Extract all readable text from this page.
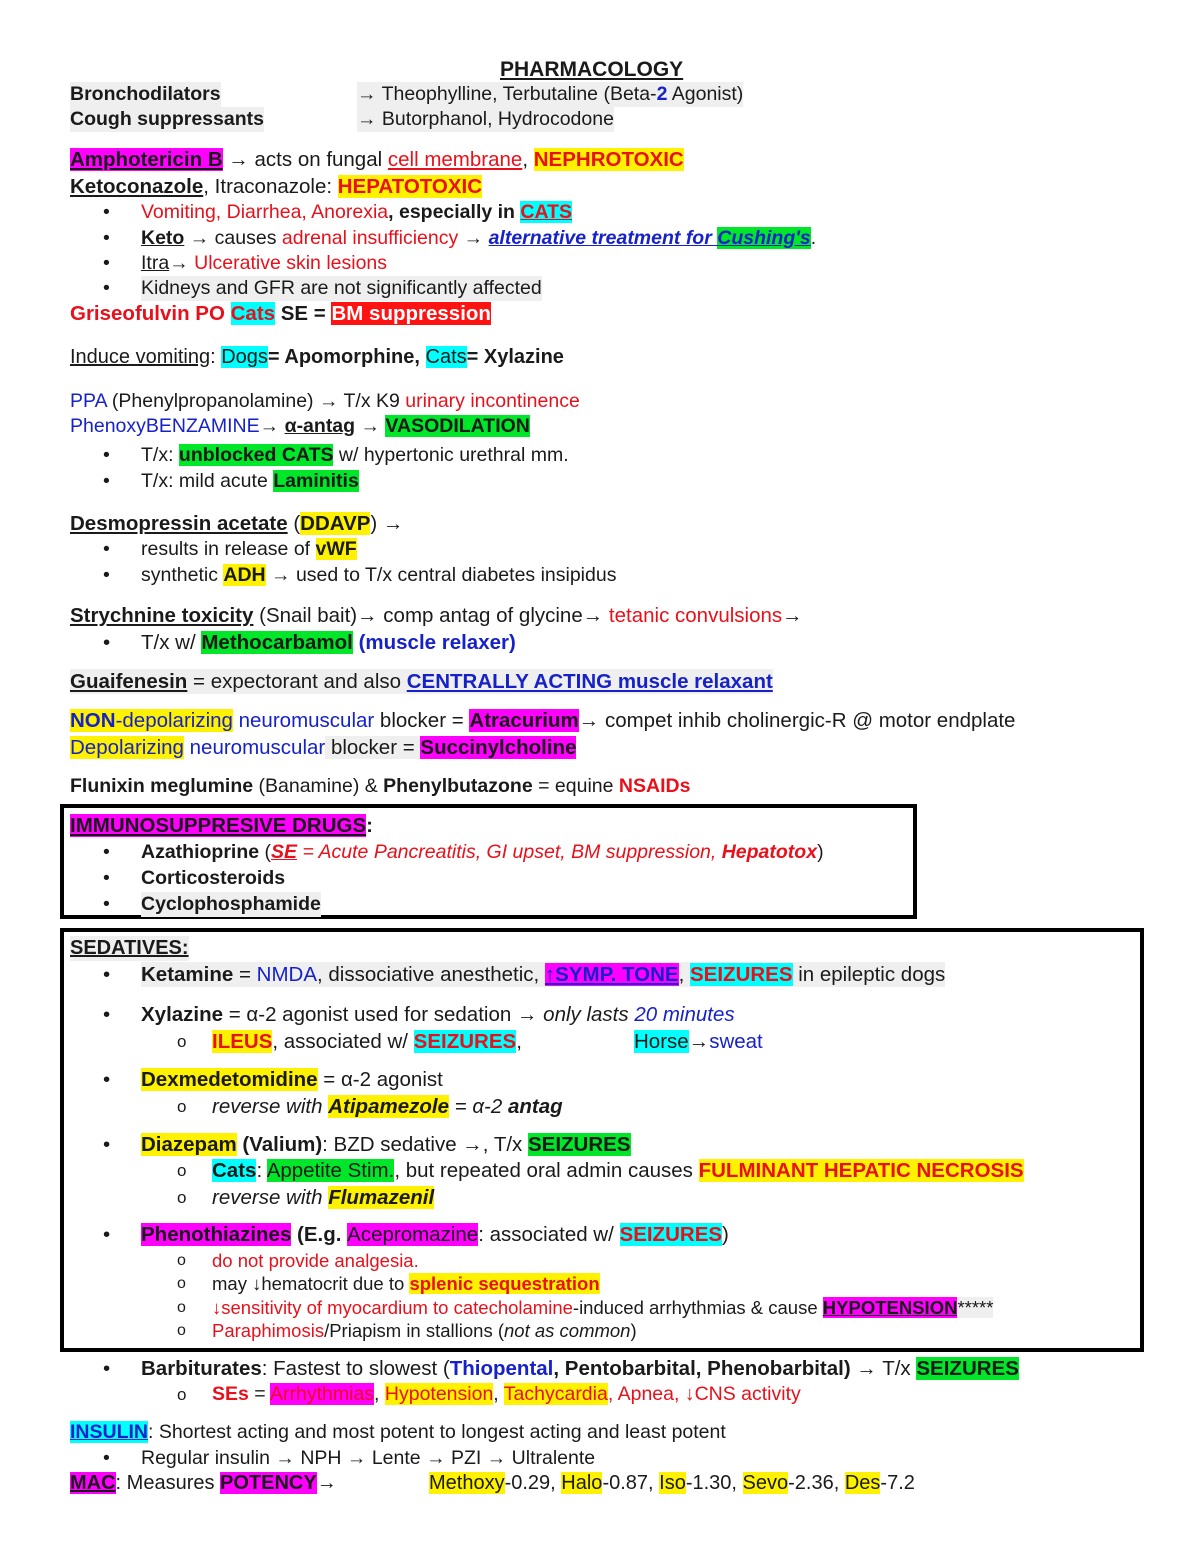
PHARMACOLOGY
Bronchodilators	→ Theophylline, Terbutaline (Beta-2 Agonist)
Cough suppressants	→ Butorphanol, Hydrocodone
Amphotericin B → acts on fungal cell membrane, NEPHROTOXIC
Ketoconazole, Itraconazole: HEPATOTOXIC
• Vomiting, Diarrhea, Anorexia, especially in CATS
• Keto → causes adrenal insufficiency → alternative treatment for Cushing's.
• Itra→ Ulcerative skin lesions
• Kidneys and GFR are not significantly affected
Griseofulvin PO Cats SE = BM suppression
Induce vomiting: Dogs= Apomorphine, Cats= Xylazine
PPA (Phenylpropanolamine) → T/x K9 urinary incontinence
PhenoxyBENZAMINE→ α-antag → VASODILATION
• T/x: unblocked CATS w/ hypertonic urethral mm.
• T/x: mild acute Laminitis
Desmopressin acetate (DDAVP) →
• results in release of vWF
• synthetic ADH → used to T/x central diabetes insipidus
Strychnine toxicity (Snail bait)→ comp antag of glycine→ tetanic convulsions→
• T/x w/ Methocarbamol (muscle relaxer)
Guaifenesin = expectorant and also CENTRALLY ACTING muscle relaxant
NON-depolarizing neuromuscular blocker = Atracurium→ compet inhib cholinergic-R @ motor endplate
Depolarizing neuromuscular blocker = Succinylcholine
Flunixin meglumine (Banamine) & Phenylbutazone = equine NSAIDs
IMMUNOSUPPRESIVE DRUGS:
• Azathioprine (SE = Acute Pancreatitis, GI upset, BM suppression, Hepatotox)
• Corticosteroids
• Cyclophosphamide
SEDATIVES:
• Ketamine = NMDA, dissociative anesthetic, ↑SYMP. TONE, SEIZURES in epileptic dogs
• Xylazine = α-2 agonist used for sedation → only lasts 20 minutes
o ILEUS, associated w/ SEIZURES,	Horse→sweat
• Dexmedetomidine = α-2 agonist
o reverse with Atipamezole = α-2 antag
• Diazepam (Valium): BZD sedative →, T/x SEIZURES
o Cats: Appetite Stim., but repeated oral admin causes FULMINANT HEPATIC NECROSIS
o reverse with Flumazenil
• Phenothiazines (E.g. Acepromazine: associated w/ SEIZURES)
o do not provide analgesia.
o may ↓hematocrit due to splenic sequestration
o ↓sensitivity of myocardium to catecholamine-induced arrhythmias & cause HYPOTENSION*****
o Paraphimosis/Priapism in stallions (not as common)
• Barbiturates: Fastest to slowest (Thiopental, Pentobarbital, Phenobarbital) → T/x SEIZURES
o SEs = Arrhythmias, Hypotension, Tachycardia, Apnea, ↓CNS activity
INSULIN: Shortest acting and most potent to longest acting and least potent
• Regular insulin → NPH → Lente → PZI → Ultralente
MAC: Measures POTENCY→	Methoxy-0.29, Halo-0.87, Iso-1.30, Sevo-2.36, Des-7.2
